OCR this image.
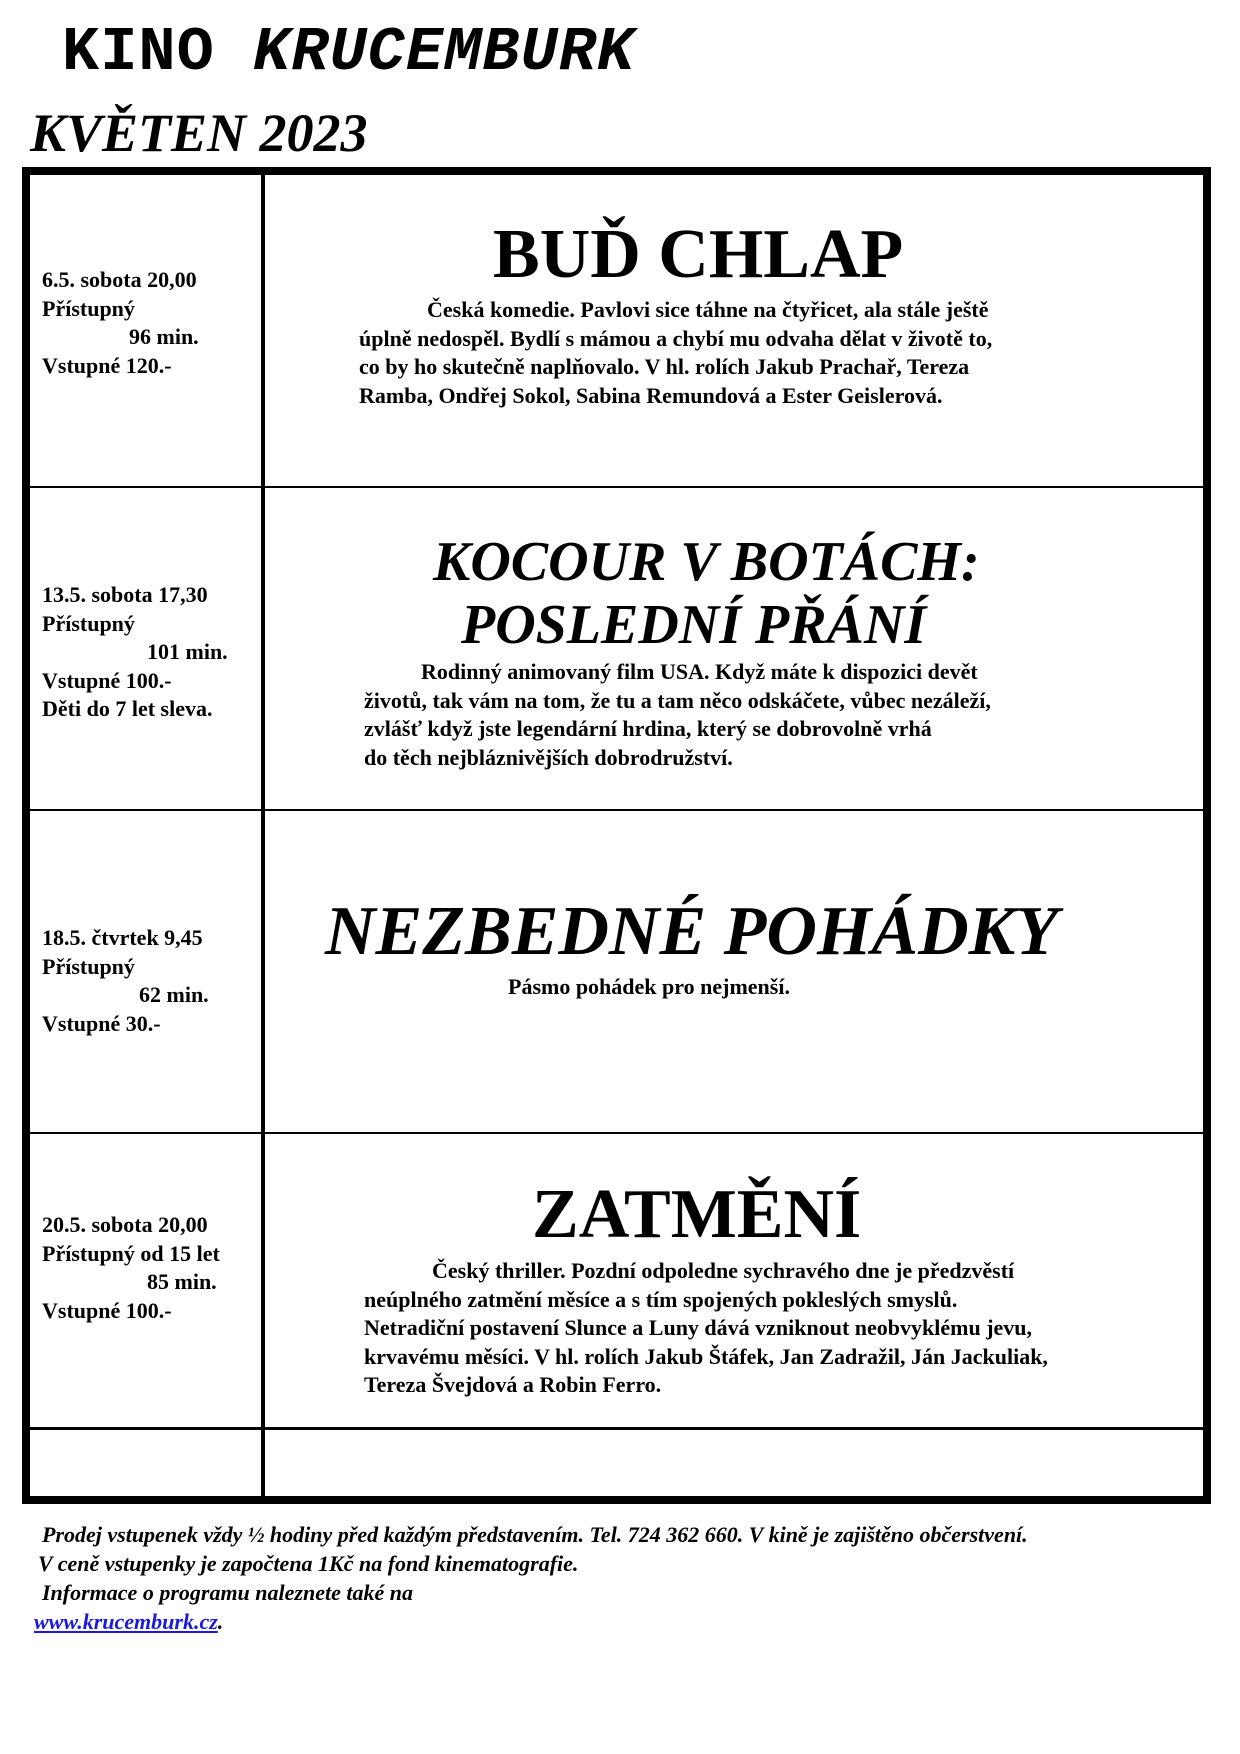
KINO KRUCEMBURK
KVĚTEN 2023
6.5. sobota 20,00
Přístupný
96 min.
Vstupné 120.-
BUĎ CHLAP
Česká komedie. Pavlovi sice táhne na čtyřicet, ala stále ještě
úplně nedospěl. Bydlí s mámou a chybí mu odvaha dělat v životě to,
co by ho skutečně naplňovalo. V hl. rolích Jakub Prachař, Tereza
Ramba, Ondřej Sokol, Sabina Remundová a Ester Geislerová.
13.5. sobota 17,30
Přístupný
101 min.
Vstupné 100.-
Děti do 7 let sleva.
KOCOUR V BOTÁCH:
POSLEDNÍ PŘÁNÍ
Rodinný animovaný film USA. Když máte k dispozici devět
životů, tak vám na tom, že tu a tam něco odskáčete, vůbec nezáleží,
zvlášť když jste legendární hrdina, který se dobrovolně vrhá
do těch nejbláznivějších dobrodružství.
18.5. čtvrtek 9,45
Přístupný
62 min.
Vstupné 30.-
NEZBEDNÉ POHÁDKY
Pásmo pohádek pro nejmenší.
20.5. sobota 20,00
Přístupný od 15 let
85 min.
Vstupné 100.-
ZATMĚNÍ
Český thriller. Pozdní odpoledne sychravého dne je předzvěstí
neúplného zatmění měsíce a s tím spojených pokleslých smyslů.
Netradiční postavení Slunce a Luny dává vzniknout neobvyklému jevu,
krvavému měsíci. V hl. rolích Jakub Štáfek, Jan Zadražil, Ján Jackuliak,
Tereza Švejdová a Robin Ferro.
Prodej vstupenek vždy ½ hodiny před každým představením. Tel. 724 362 660. V kině je zajištěno občerstvení.
V ceně vstupenky je započtena 1Kč na fond kinematografie.
Informace o programu naleznete také na
www.krucemburk.cz.
